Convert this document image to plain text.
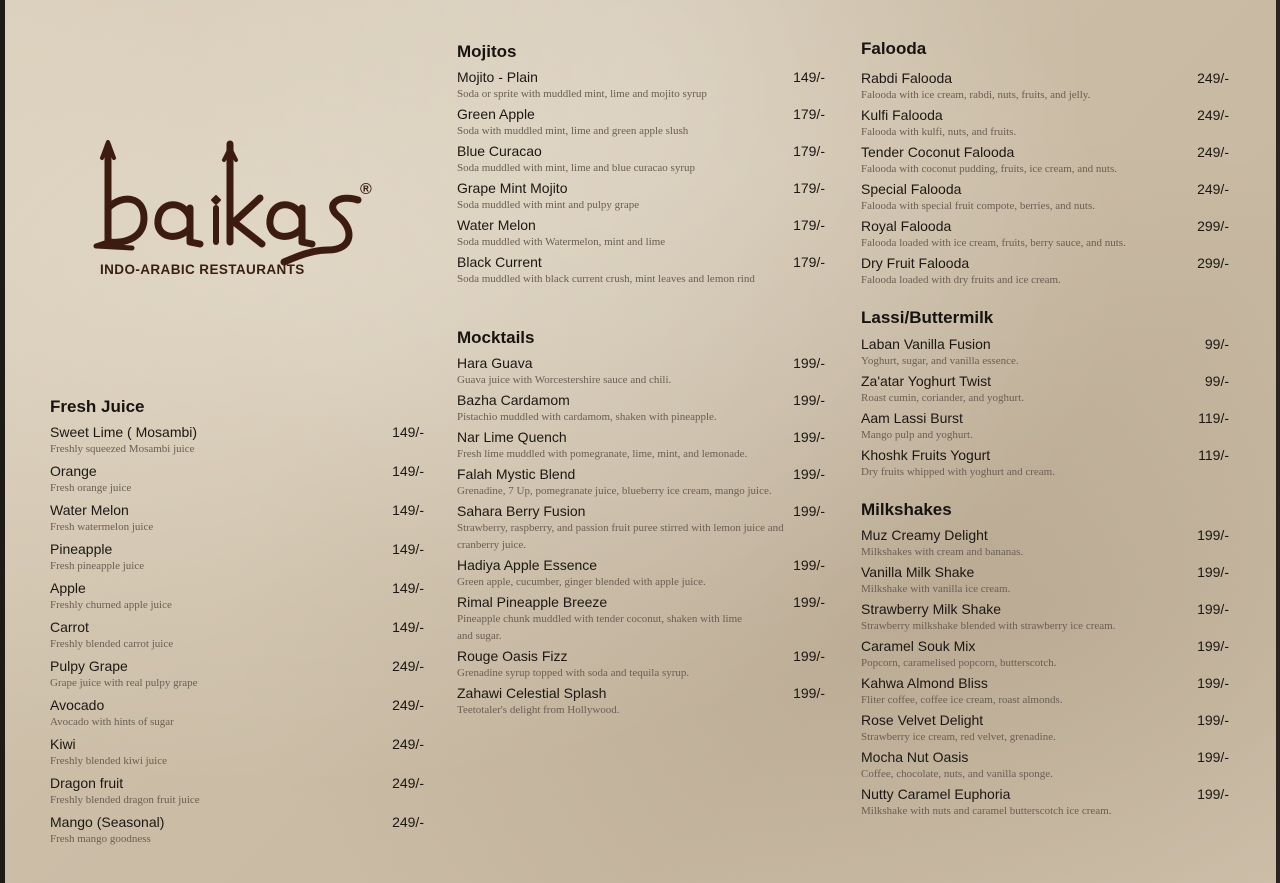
®
INDO-ARABIC RESTAURANTS
Fresh Juice
Sweet Lime ( Mosambi)	149/-
Freshly squeezed Mosambi juice
Orange	149/-
Fresh orange juice
Water Melon	149/-
Fresh watermelon juice
Pineapple	149/-
Fresh pineapple juice
Apple	149/-
Freshly churned apple juice
Carrot	149/-
Freshly blended carrot juice
Pulpy Grape	249/-
Grape juice with real pulpy grape
Avocado	249/-
Avocado with hints of sugar
Kiwi	249/-
Freshly blended kiwi juice
Dragon fruit	249/-
Freshly blended dragon fruit juice
Mango (Seasonal)	249/-
Fresh mango goodness
Mojitos
Mojito - Plain	149/-
Soda or sprite with muddled mint, lime and mojito syrup
Green Apple	179/-
Soda with muddled mint, lime and green apple slush
Blue Curacao	179/-
Soda muddled with mint, lime and blue curacao syrup
Grape Mint Mojito	179/-
Soda muddled with mint and pulpy grape
Water Melon	179/-
Soda muddled with Watermelon, mint and lime
Black Current	179/-
Soda muddled with black current crush, mint leaves and lemon rind
Mocktails
Hara Guava	199/-
Guava juice with Worcestershire sauce and chili.
Bazha Cardamom	199/-
Pistachio muddled with cardamom, shaken with pineapple.
Nar Lime Quench	199/-
Fresh lime muddled with pomegranate, lime, mint, and lemonade.
Falah Mystic Blend	199/-
Grenadine, 7 Up, pomegranate juice, blueberry ice cream, mango juice.
Sahara Berry Fusion	199/-
Strawberry, raspberry, and passion fruit puree stirred with lemon juice and cranberry juice.
Hadiya Apple Essence	199/-
Green apple, cucumber, ginger blended with apple juice.
Rimal Pineapple Breeze	199/-
Pineapple chunk muddled with tender coconut, shaken with lime and sugar.
Rouge Oasis Fizz	199/-
Grenadine syrup topped with soda and tequila syrup.
Zahawi Celestial Splash	199/-
Teetotaler's delight from Hollywood.
Falooda
Rabdi Falooda	249/-
Falooda with ice cream, rabdi, nuts, fruits, and jelly.
Kulfi Falooda	249/-
Falooda with kulfi, nuts, and fruits.
Tender Coconut Falooda	249/-
Falooda with coconut pudding, fruits, ice cream, and nuts.
Special Falooda	249/-
Falooda with special fruit compote, berries, and nuts.
Royal Falooda	299/-
Falooda loaded with ice cream, fruits, berry sauce, and nuts.
Dry Fruit Falooda	299/-
Falooda loaded with dry fruits and ice cream.
Lassi/Buttermilk
Laban Vanilla Fusion	99/-
Yoghurt, sugar, and vanilla essence.
Za'atar Yoghurt Twist	99/-
Roast cumin, coriander, and yoghurt.
Aam Lassi Burst	119/-
Mango pulp and yoghurt.
Khoshk Fruits Yogurt	119/-
Dry fruits whipped with yoghurt and cream.
Milkshakes
Muz Creamy Delight	199/-
Milkshakes with cream and bananas.
Vanilla Milk Shake	199/-
Milkshake with vanilla ice cream.
Strawberry Milk Shake	199/-
Strawberry milkshake blended with strawberry ice cream.
Caramel Souk Mix	199/-
Popcorn, caramelised popcorn, butterscotch.
Kahwa Almond Bliss	199/-
Fliter coffee, coffee ice cream, roast almonds.
Rose Velvet Delight	199/-
Strawberry ice cream, red velvet, grenadine.
Mocha Nut Oasis	199/-
Coffee, chocolate, nuts, and vanilla sponge.
Nutty Caramel Euphoria	199/-
Milkshake with nuts and caramel butterscotch ice cream.
